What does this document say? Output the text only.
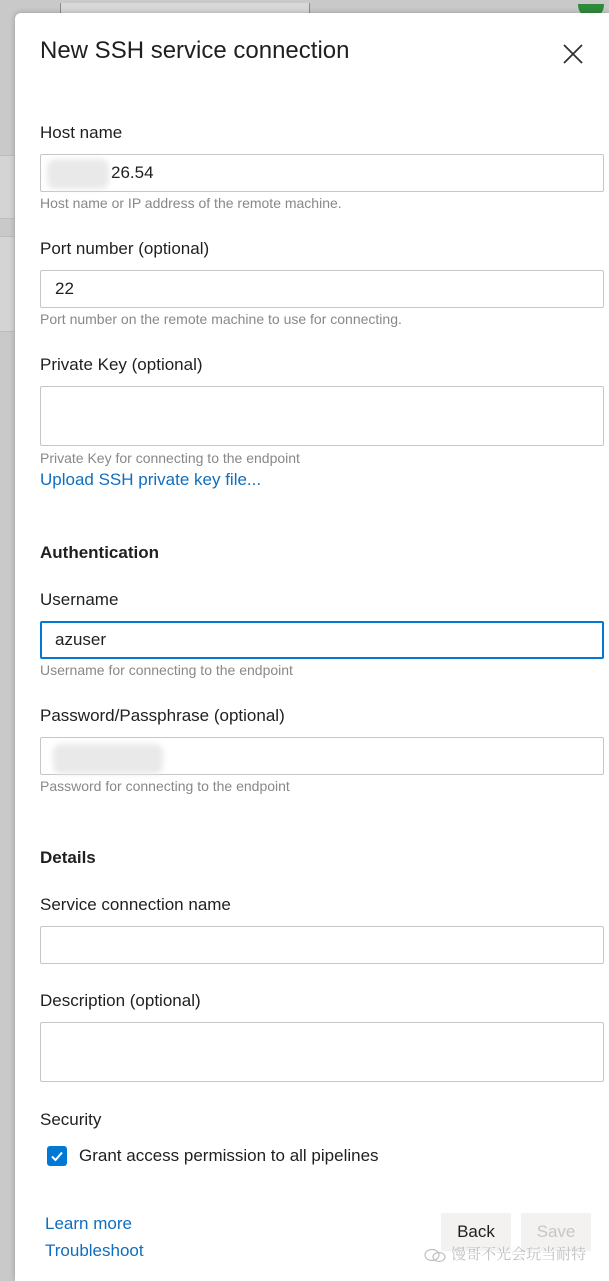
New SSH service connection
Host name
26.54
Host name or IP address of the remote machine.
Port number (optional)
22
Port number on the remote machine to use for connecting.
Private Key (optional)
Private Key for connecting to the endpoint
Upload SSH private key file...
Authentication
Username
azuser
Username for connecting to the endpoint
Password/Passphrase (optional)
Password for connecting to the endpoint
Details
Service connection name
Description (optional)
Security
Learn more
Troubleshoot
Back	Save
Grant access permission to all pipelines
馒哥不光会玩当耐特
